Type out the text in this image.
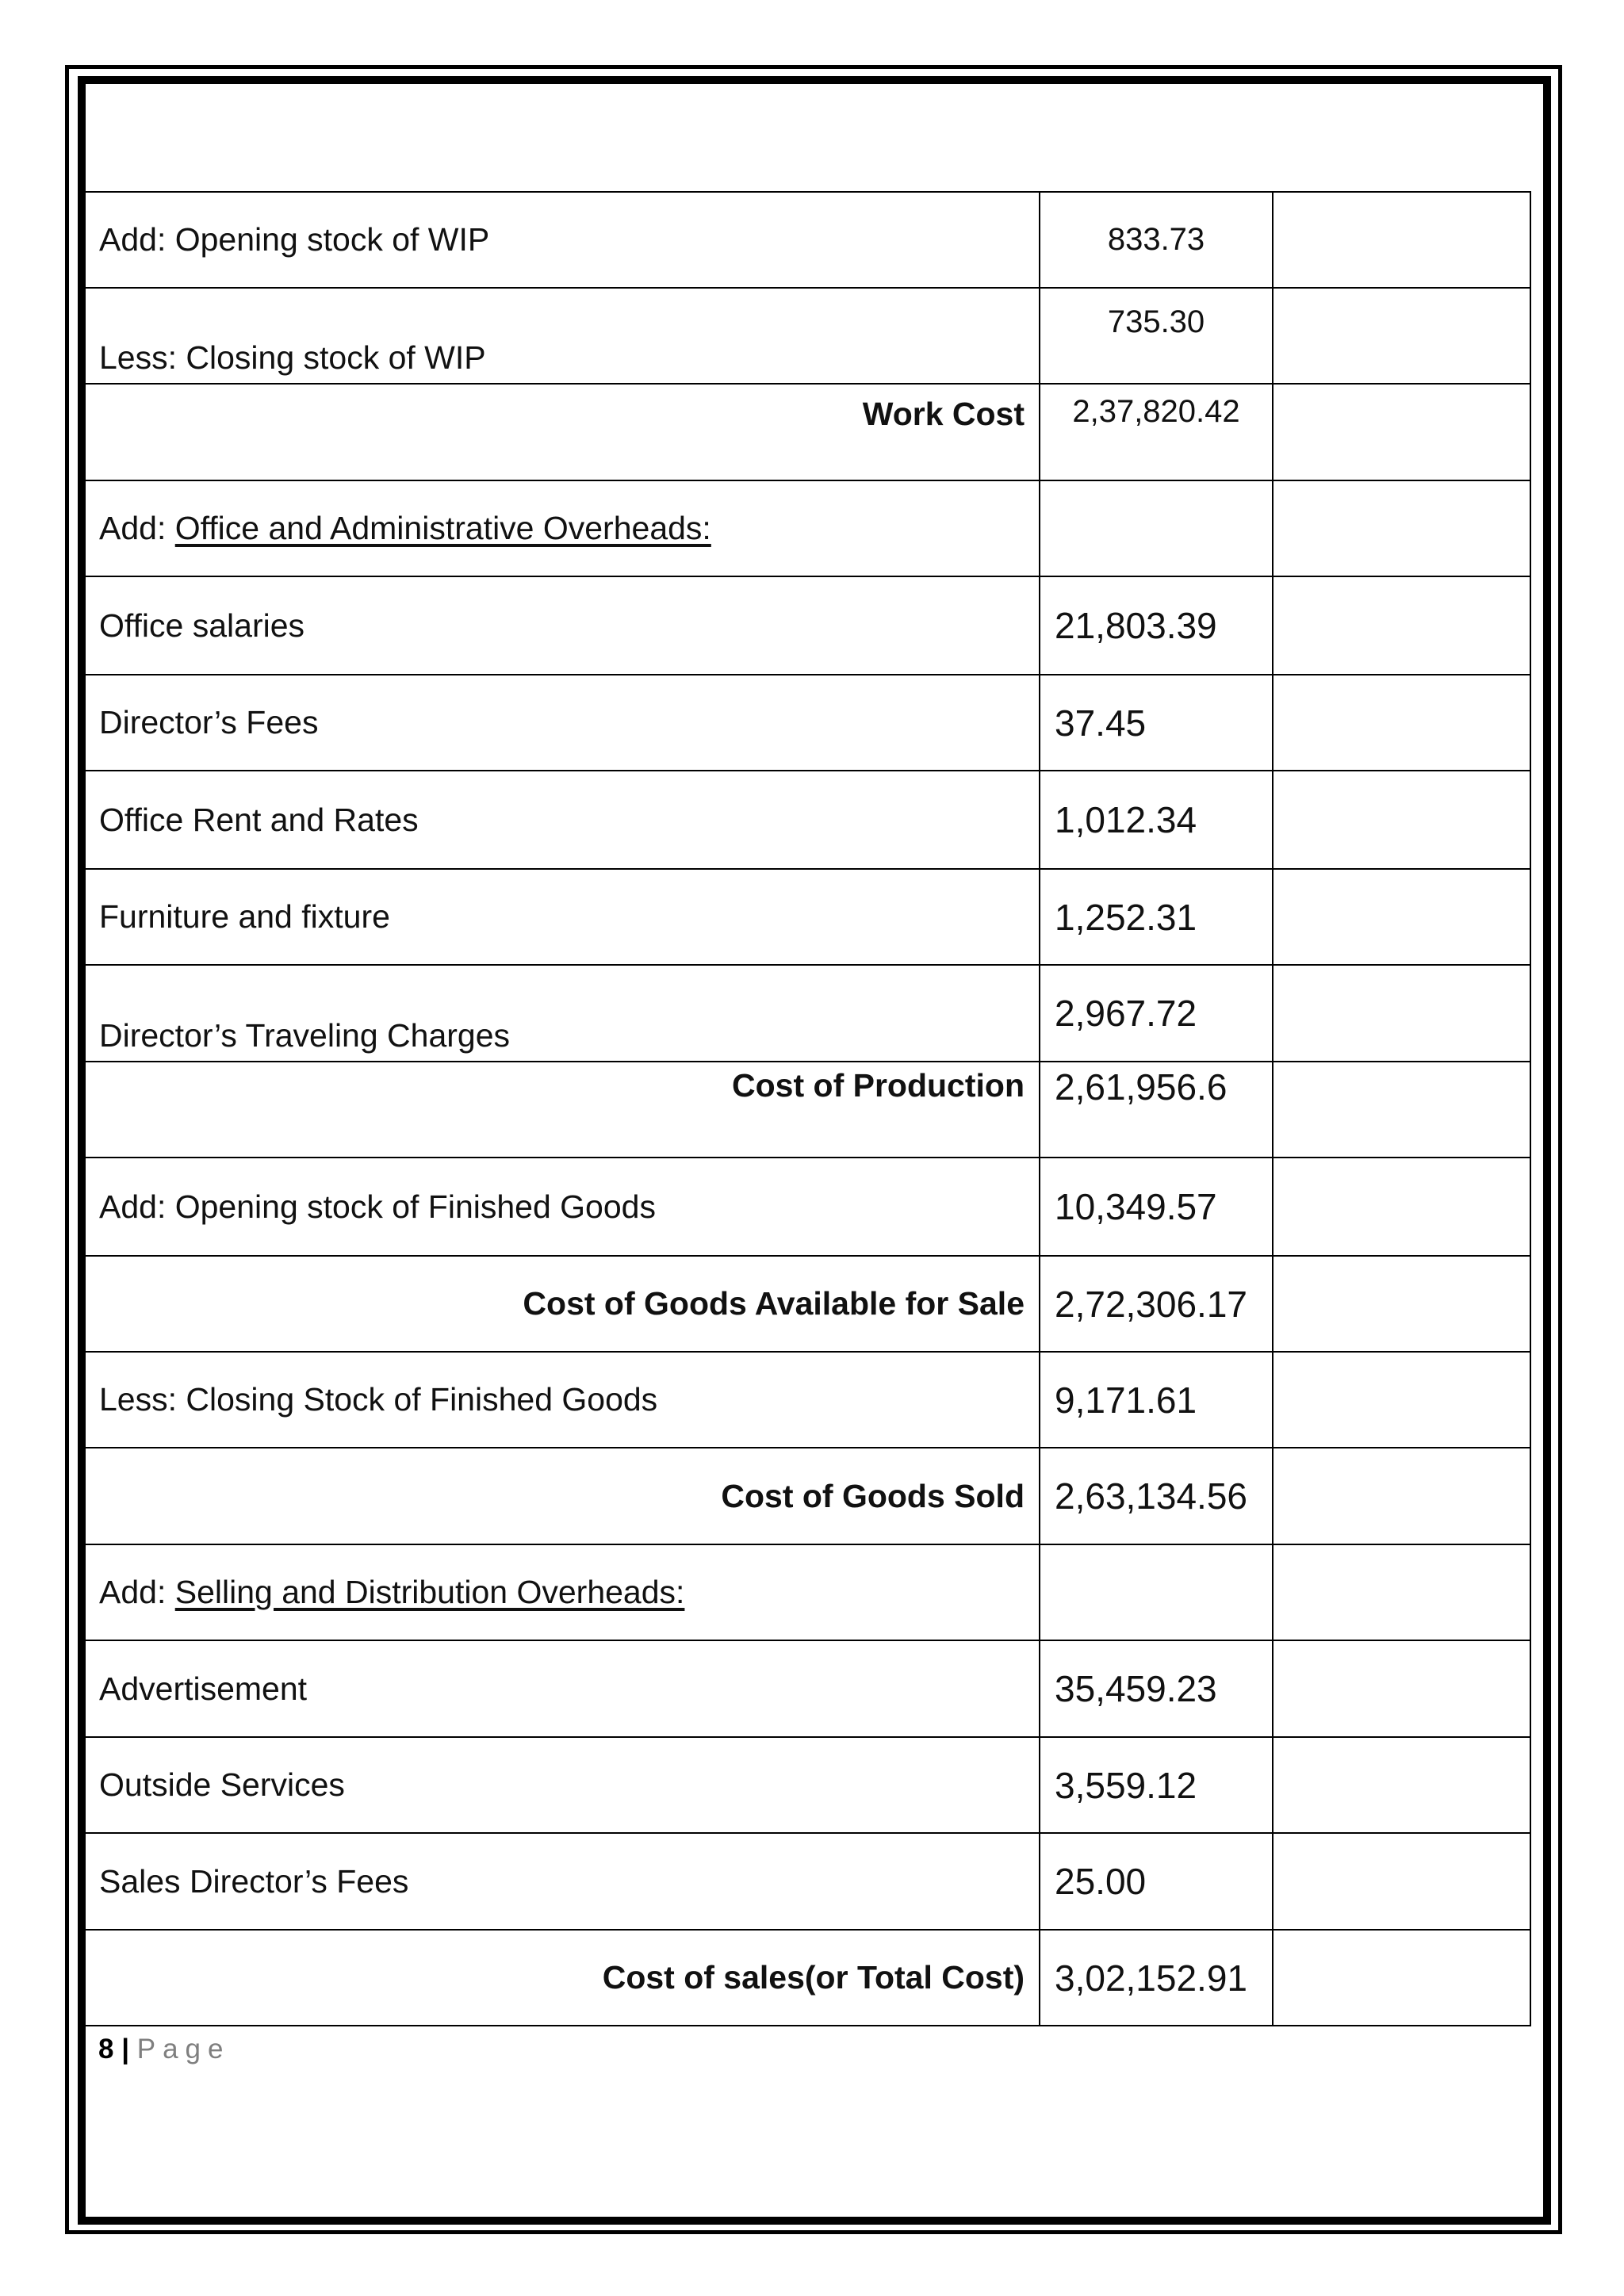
Add: Opening stock of WIP	833.73	
Less: Closing stock of WIP	735.30	
Work Cost	2,37,820.42	
Add: Office and Administrative Overheads:		
Office salaries	21,803.39	
Director’s Fees	37.45	
Office Rent and Rates	1,012.34	
Furniture and fixture	1,252.31	
Director’s Traveling Charges	2,967.72	
Cost of Production	2,61,956.6	
Add: Opening stock of Finished Goods	10,349.57	
Cost of Goods Available for Sale	2,72,306.17	
Less: Closing Stock of Finished Goods	9,171.61	
Cost of Goods Sold	2,63,134.56	
Add: Selling and Distribution Overheads:		
Advertisement	35,459.23	
Outside Services	3,559.12	
Sales Director’s Fees	25.00	
Cost of sales(or Total Cost)	3,02,152.91	
8 | Page
